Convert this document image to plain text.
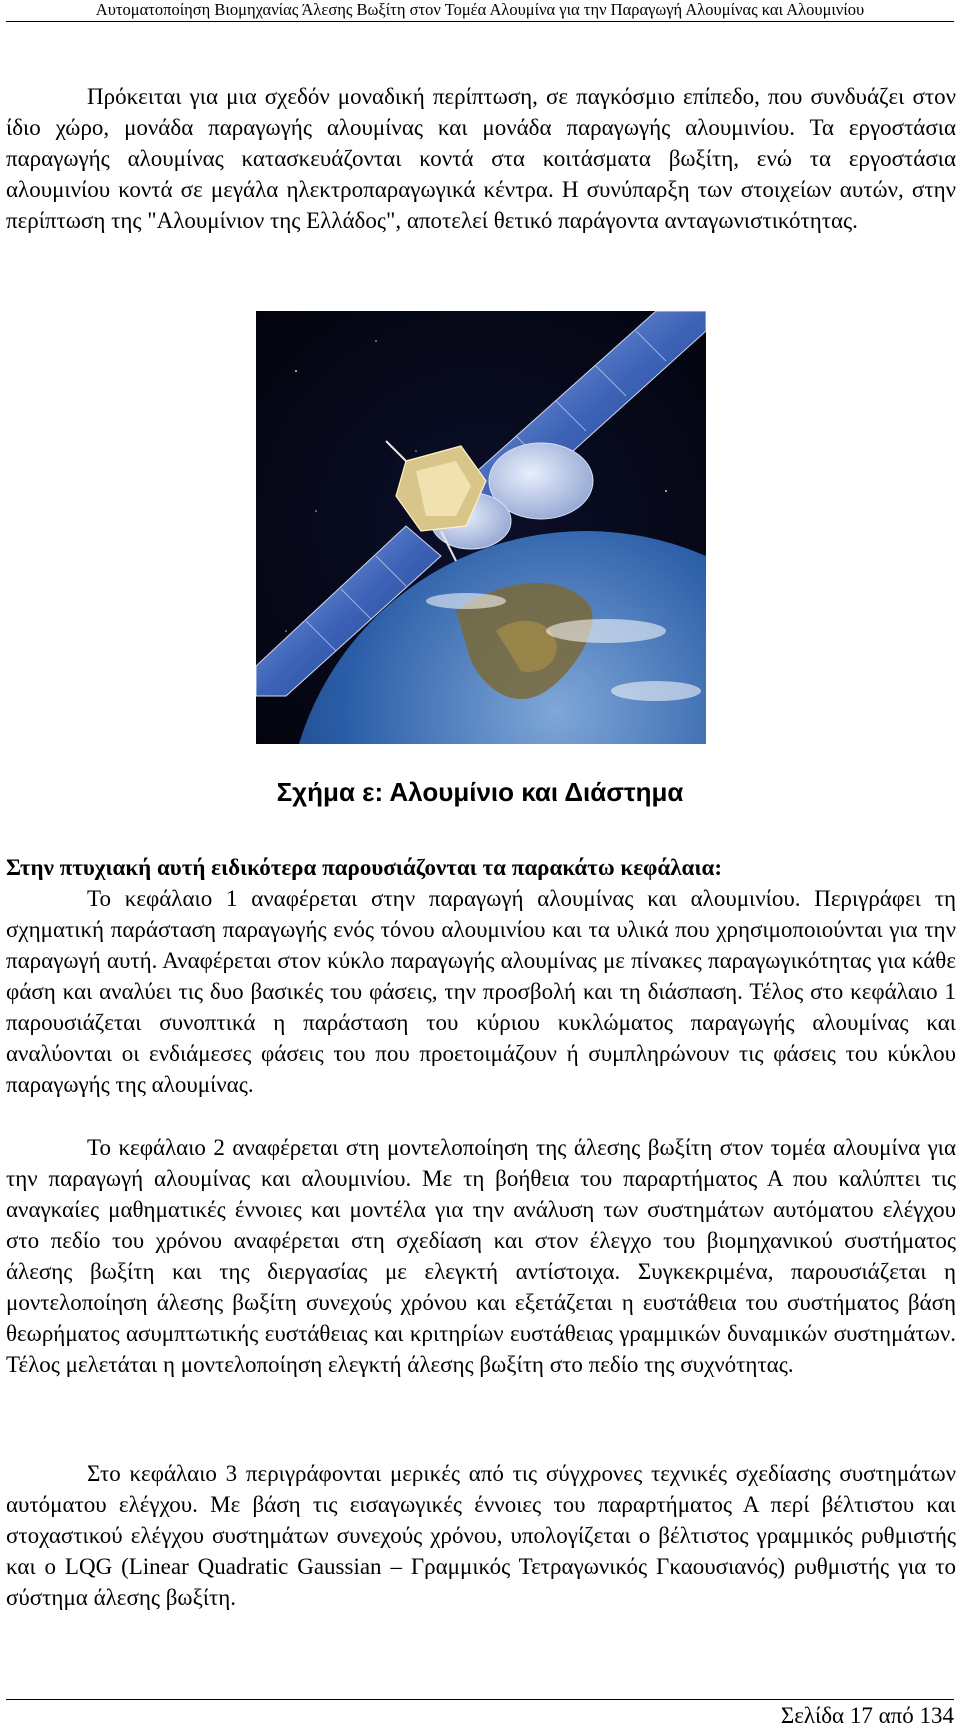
Αυτοματοποίηση Βιομηχανίας Άλεσης Βωξίτη στον Τομέα Αλουμίνα για την Παραγωγή Αλουμίνας και Αλουμινίου

Πρόκειται για μια σχεδόν μοναδική περίπτωση, σε παγκόσμιο επίπεδο, που συνδυάζει στον ίδιο χώρο, μονάδα παραγωγής αλουμίνας και μονάδα παραγωγής αλουμινίου. Τα εργοστάσια παραγωγής αλουμίνας κατασκευάζονται κοντά στα κοιτάσματα βωξίτη, ενώ τα εργοστάσια αλουμινίου κοντά σε μεγάλα ηλεκτροπαραγωγικά κέντρα. Η συνύπαρξη των στοιχείων αυτών, στην περίπτωση της "Αλουμίνιον της Ελλάδος", αποτελεί θετικό παράγοντα ανταγωνιστικότητας.

Σχήμα ε: Αλουμίνιο και Διάστημα
Στην πτυχιακή αυτή ειδικότερα παρουσιάζονται τα παρακάτω κεφάλαια:

Το κεφάλαιο 1 αναφέρεται στην παραγωγή αλουμίνας και αλουμινίου. Περιγράφει τη σχηματική παράσταση παραγωγής ενός τόνου αλουμινίου και τα υλικά που χρησιμοποιούνται για την παραγωγή αυτή. Αναφέρεται στον κύκλο παραγωγής αλουμίνας με πίνακες παραγωγικότητας για κάθε φάση και αναλύει τις δυο βασικές του φάσεις, την προσβολή και τη διάσπαση. Τέλος στο κεφάλαιο 1 παρουσιάζεται συνοπτικά η παράσταση του κύριου κυκλώματος παραγωγής αλουμίνας και αναλύονται οι ενδιάμεσες φάσεις του που προετοιμάζουν ή συμπληρώνουν τις φάσεις του κύκλου παραγωγής της αλουμίνας.

Το κεφάλαιο 2 αναφέρεται στη μοντελοποίηση της άλεσης βωξίτη στον τομέα αλουμίνα για την παραγωγή αλουμίνας και αλουμινίου. Με τη βοήθεια του παραρτήματος Α που καλύπτει τις αναγκαίες μαθηματικές έννοιες και μοντέλα για την ανάλυση των συστημάτων αυτόματου ελέγχου στο πεδίο του χρόνου αναφέρεται στη σχεδίαση και στον έλεγχο του βιομηχανικού συστήματος άλεσης βωξίτη και της διεργασίας με ελεγκτή αντίστοιχα. Συγκεκριμένα, παρουσιάζεται η μοντελοποίηση άλεσης βωξίτη συνεχούς χρόνου και εξετάζεται η ευστάθεια του συστήματος βάση θεωρήματος ασυμπτωτικής ευστάθειας και κριτηρίων ευστάθειας γραμμικών δυναμικών συστημάτων. Τέλος μελετάται η μοντελοποίηση ελεγκτή άλεσης βωξίτη στο πεδίο της συχνότητας.

Στο κεφάλαιο 3 περιγράφονται μερικές από τις σύγχρονες τεχνικές σχεδίασης συστημάτων αυτόματου ελέγχου. Με βάση τις εισαγωγικές έννοιες του παραρτήματος Α περί βέλτιστου και στοχαστικού ελέγχου συστημάτων συνεχούς χρόνου, υπολογίζεται ο βέλτιστος γραμμικός ρυθμιστής και ο LQG (Linear Quadratic Gaussian – Γραμμικός Τετραγωνικός Γκαουσιανός) ρυθμιστής για το σύστημα άλεσης βωξίτη.

Σελίδα 17 από 134
